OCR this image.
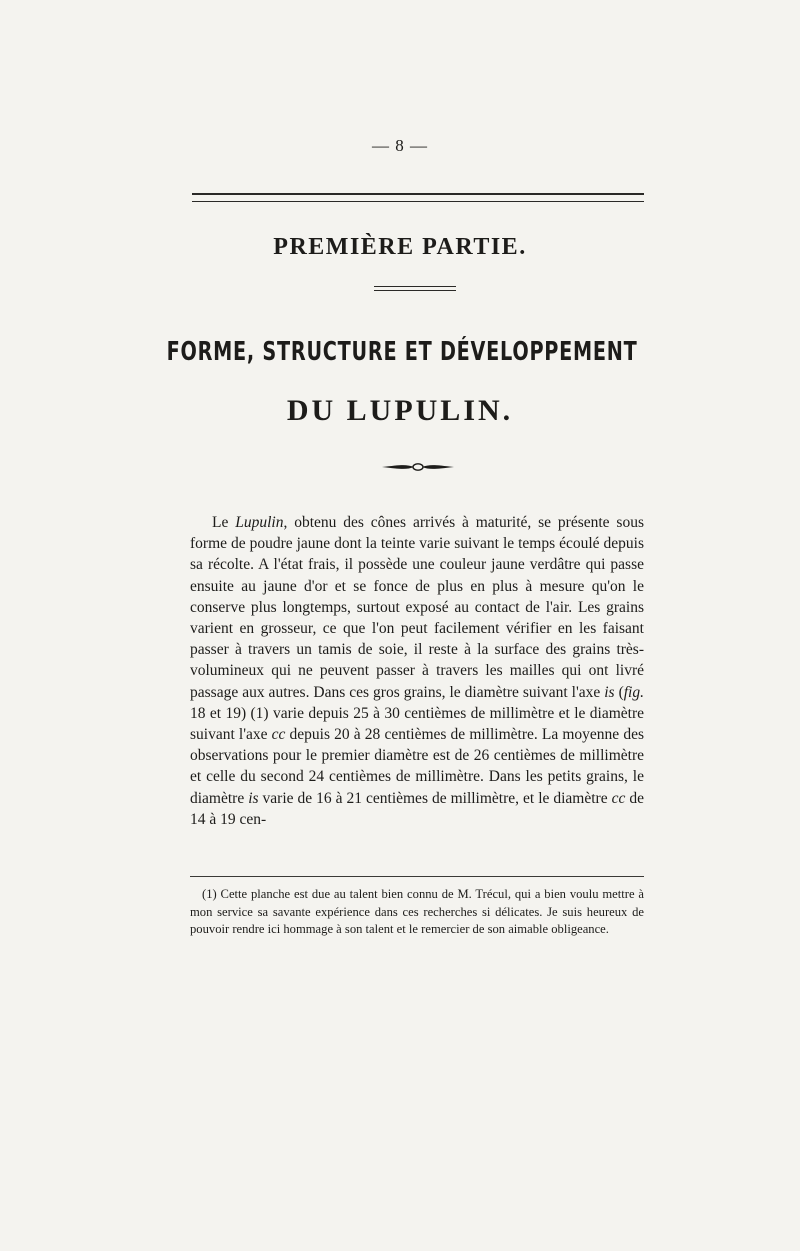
— 8 —
PREMIÈRE PARTIE.
FORME, STRUCTURE ET DÉVELOPPEMENT
DU LUPULIN.

Le Lupulin, obtenu des cônes arrivés à maturité, se présente sous forme de poudre jaune dont la teinte varie suivant le temps écoulé depuis sa récolte. A l'état frais, il possède une couleur jaune verdâtre qui passe ensuite au jaune d'or et se fonce de plus en plus à mesure qu'on le conserve plus longtemps, surtout exposé au contact de l'air. Les grains varient en grosseur, ce que l'on peut facilement vérifier en les faisant passer à travers un tamis de soie, il reste à la surface des grains très-volumineux qui ne peuvent passer à travers les mailles qui ont livré passage aux autres. Dans ces gros grains, le diamètre suivant l'axe is (fig. 18 et 19) (1) varie depuis 25 à 30 centièmes de millimètre et le diamètre suivant l'axe cc depuis 20 à 28 centièmes de millimètre. La moyenne des observations pour le premier diamètre est de 26 centièmes de millimètre et celle du second 24 centièmes de millimètre. Dans les petits grains, le diamètre is varie de 16 à 21 centièmes de millimètre, et le diamètre cc de 14 à 19 cen-

(1) Cette planche est due au talent bien connu de M. Trécul, qui a bien voulu mettre à mon service sa savante expérience dans ces recherches si délicates. Je suis heureux de pouvoir rendre ici hommage à son talent et le remercier de son aimable obligeance.
